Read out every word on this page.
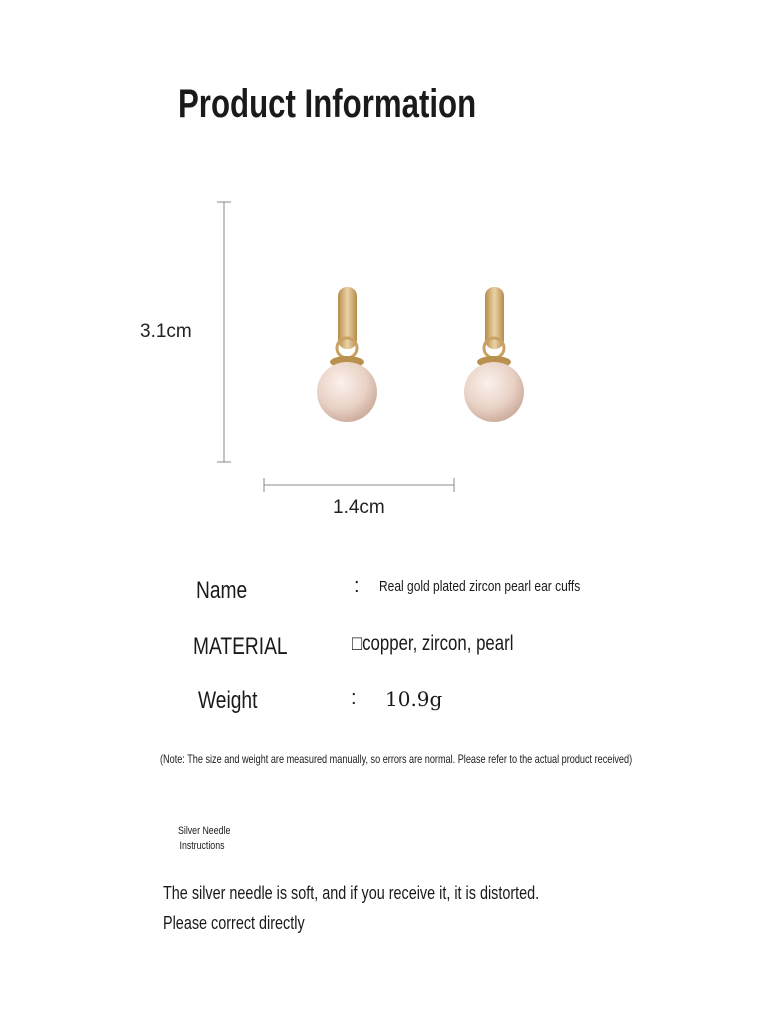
Product Information
3.1cm
1.4cm
Name	: Real gold plated zircon pearl ear cuffs
MATERIAL	□copper, zircon, pearl
Weight	: 10.9g
(Note: The size and weight are measured manually, so errors are normal. Please refer to the actual product received)
Silver Needle
Instructions
The silver needle is soft, and if you receive it, it is distorted.
Please correct directly
